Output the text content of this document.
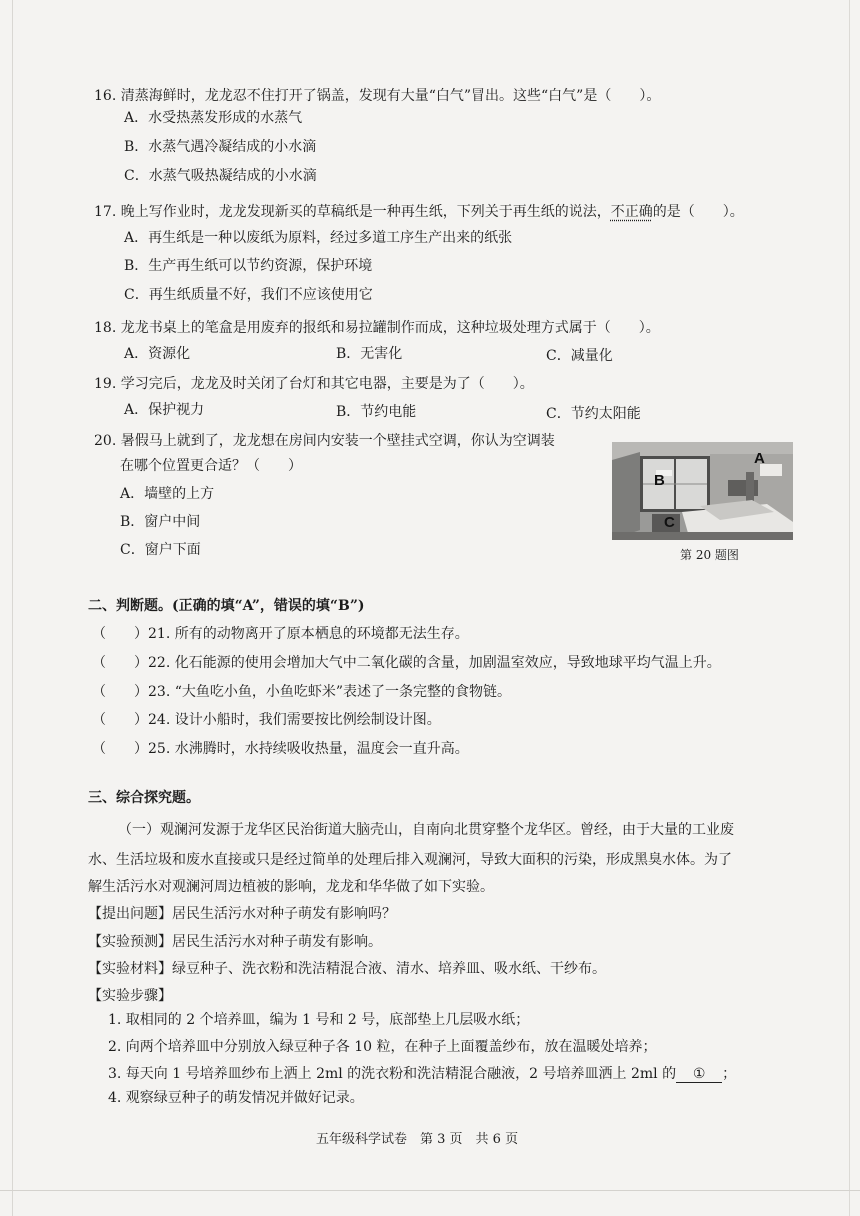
16. 清蒸海鲜时，龙龙忍不住打开了锅盖，发现有大量“白气”冒出。这些“白气”是（　　）。
A．水受热蒸发形成的水蒸气
B．水蒸气遇冷凝结成的小水滴
C．水蒸气吸热凝结成的小水滴
17. 晚上写作业时，龙龙发现新买的草稿纸是一种再生纸，下列关于再生纸的说法，不正确的是（　　）。
A．再生纸是一种以废纸为原料，经过多道工序生产出来的纸张
B．生产再生纸可以节约资源，保护环境
C．再生纸质量不好，我们不应该使用它
18. 龙龙书桌上的笔盒是用废弃的报纸和易拉罐制作而成，这种垃圾处理方式属于（　　）。
A．资源化	B．无害化	C．减量化
19. 学习完后，龙龙及时关闭了台灯和其它电器，主要是为了（　　）。
A．保护视力	B．节约电能	C．节约太阳能
20. 暑假马上就到了，龙龙想在房间内安装一个壁挂式空调，你认为空调装
在哪个位置更合适？（　　）
A．墙壁的上方
B．窗户中间
C．窗户下面
A
B
C
第 20 题图
二、判断题。(正确的填“A”，错误的填“B”)
（　　）21. 所有的动物离开了原本栖息的环境都无法生存。
（　　）22. 化石能源的使用会增加大气中二氧化碳的含量，加剧温室效应，导致地球平均气温上升。
（　　）23. “大鱼吃小鱼，小鱼吃虾米”表述了一条完整的食物链。
（　　）24. 设计小船时，我们需要按比例绘制设计图。
（　　）25. 水沸腾时，水持续吸收热量，温度会一直升高。
三、综合探究题。
（一）观澜河发源于龙华区民治街道大脑壳山，自南向北贯穿整个龙华区。曾经，由于大量的工业废
水、生活垃圾和废水直接或只是经过简单的处理后排入观澜河，导致大面积的污染，形成黑臭水体。为了
解生活污水对观澜河周边植被的影响，龙龙和华华做了如下实验。
【提出问题】居民生活污水对种子萌发有影响吗？
【实验预测】居民生活污水对种子萌发有影响。
【实验材料】绿豆种子、洗衣粉和洗洁精混合液、清水、培养皿、吸水纸、干纱布。
【实验步骤】
1. 取相同的 2 个培养皿，编为 1 号和 2 号，底部垫上几层吸水纸；
2. 向两个培养皿中分别放入绿豆种子各 10 粒，在种子上面覆盖纱布，放在温暖处培养；
3. 每天向 1 号培养皿纱布上洒上 2ml 的洗衣粉和洗洁精混合融液，2 号培养皿洒上 2ml 的 ① ；
4. 观察绿豆种子的萌发情况并做好记录。
五年级科学试卷　第 3 页　共 6 页
